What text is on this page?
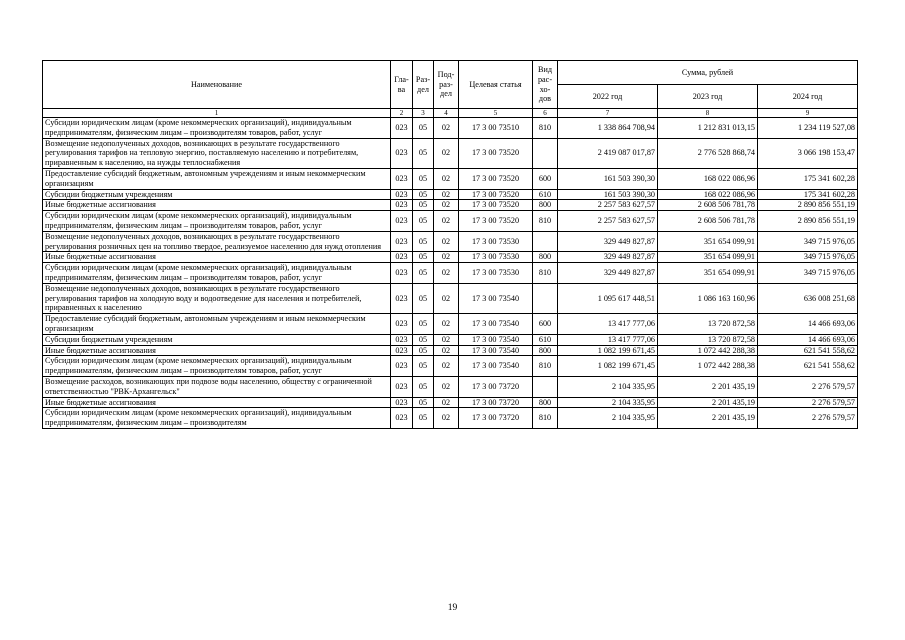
Наименование	Гла-ва	Раз-дел	Под-раз-дел	Целевая статья	Вид рас-хо-дов	Сумма, рублей		
						2022 год	2023 год	2024 год
1	2	3	4	5	6	7	8	9
Субсидии юридическим лицам (кроме некоммерческих организаций), индивидуальным предпринимателям, физическим лицам – производителям товаров, работ, услуг	023	05	02	17 3 00 73510	810	1 338 864 708,94	1 212 831 013,15	1 234 119 527,08
Возмещение недополученных доходов, возникающих в результате государственного регулирования тарифов на тепловую энергию, поставляемую населению и потребителям, приравненным к населению, на нужды теплоснабжения	023	05	02	17 3 00 73520		2 419 087 017,87	2 776 528 868,74	3 066 198 153,47
Предоставление субсидий бюджетным, автономным учреждениям и иным некоммерческим организациям	023	05	02	17 3 00 73520	600	161 503 390,30	168 022 086,96	175 341 602,28
Субсидии бюджетным учреждениям	023	05	02	17 3 00 73520	610	161 503 390,30	168 022 086,96	175 341 602,28
Иные бюджетные ассигнования	023	05	02	17 3 00 73520	800	2 257 583 627,57	2 608 506 781,78	2 890 856 551,19
Субсидии юридическим лицам (кроме некоммерческих организаций), индивидуальным предпринимателям, физическим лицам – производителям товаров, работ, услуг	023	05	02	17 3 00 73520	810	2 257 583 627,57	2 608 506 781,78	2 890 856 551,19
Возмещение недополученных доходов, возникающих в результате государственного регулирования розничных цен на топливо твердое, реализуемое населению для нужд отопления	023	05	02	17 3 00 73530		329 449 827,87	351 654 099,91	349 715 976,05
Иные бюджетные ассигнования	023	05	02	17 3 00 73530	800	329 449 827,87	351 654 099,91	349 715 976,05
Субсидии юридическим лицам (кроме некоммерческих организаций), индивидуальным предпринимателям, физическим лицам – производителям товаров, работ, услуг	023	05	02	17 3 00 73530	810	329 449 827,87	351 654 099,91	349 715 976,05
Возмещение недополученных доходов, возникающих в результате государственного регулирования тарифов на холодную воду и водоотведение для населения и потребителей, приравненных к населению	023	05	02	17 3 00 73540		1 095 617 448,51	1 086 163 160,96	636 008 251,68
Предоставление субсидий бюджетным, автономным учреждениям и иным некоммерческим организациям	023	05	02	17 3 00 73540	600	13 417 777,06	13 720 872,58	14 466 693,06
Субсидии бюджетным учреждениям	023	05	02	17 3 00 73540	610	13 417 777,06	13 720 872,58	14 466 693,06
Иные бюджетные ассигнования	023	05	02	17 3 00 73540	800	1 082 199 671,45	1 072 442 288,38	621 541 558,62
Субсидии юридическим лицам (кроме некоммерческих организаций), индивидуальным предпринимателям, физическим лицам – производителям товаров, работ, услуг	023	05	02	17 3 00 73540	810	1 082 199 671,45	1 072 442 288,38	621 541 558,62
Возмещение расходов, возникающих при подвозе воды населению, обществу с ограниченной ответственностью "РВК-Архангельск"	023	05	02	17 3 00 73720		2 104 335,95	2 201 435,19	2 276 579,57
Иные бюджетные ассигнования	023	05	02	17 3 00 73720	800	2 104 335,95	2 201 435,19	2 276 579,57
Субсидии юридическим лицам (кроме некоммерческих организаций), индивидуальным предпринимателям, физическим лицам – производителям	023	05	02	17 3 00 73720	810	2 104 335,95	2 201 435,19	2 276 579,57
19
